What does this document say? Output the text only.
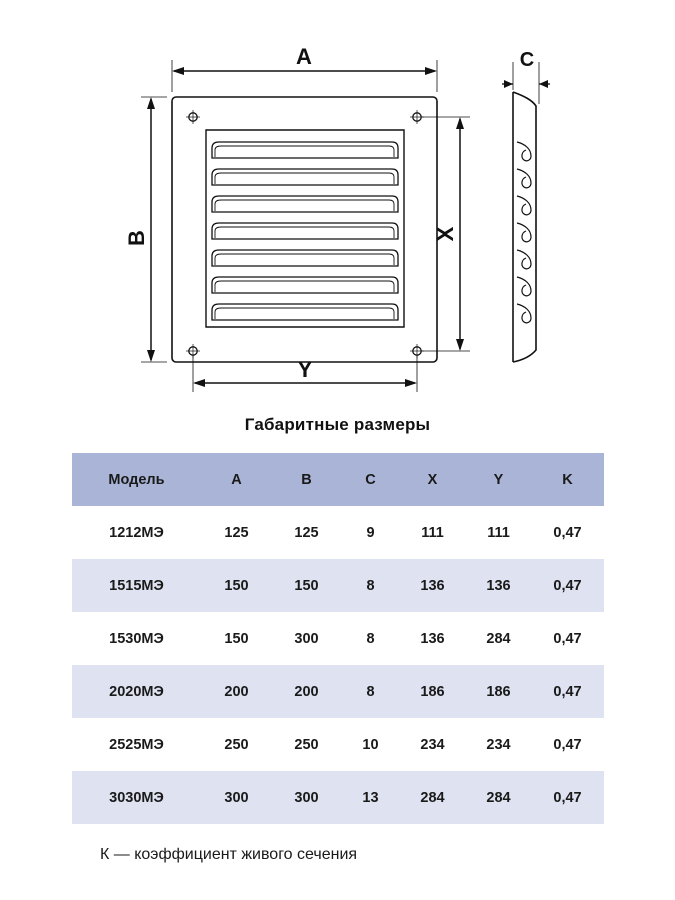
A
B	X
Y
C
Габаритные размеры
Модель	A	B	C	X	Y	K
1212МЭ	125	125	9	111	111	0,47
1515МЭ	150	150	8	136	136	0,47
1530МЭ	150	300	8	136	284	0,47
2020МЭ	200	200	8	186	186	0,47
2525МЭ	250	250	10	234	234	0,47
3030МЭ	300	300	13	284	284	0,47

К — коэффициент живого сечения
